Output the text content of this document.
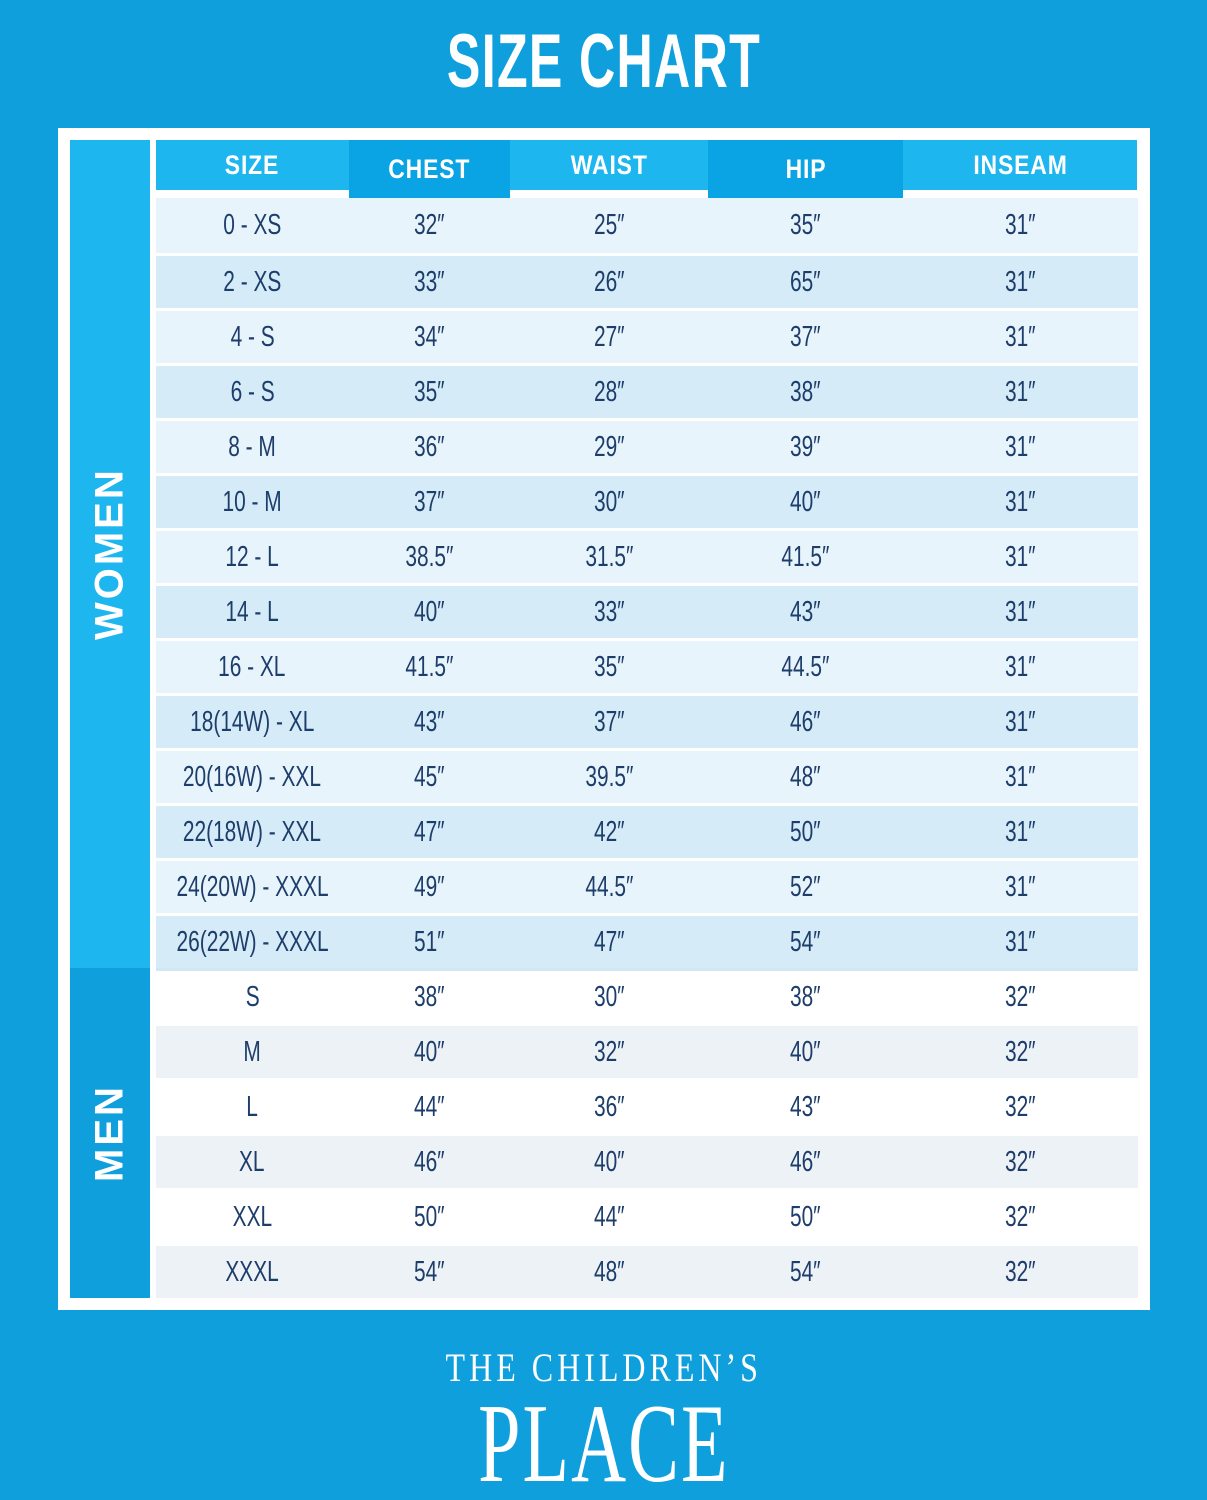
SIZE CHART
WOMEN
MEN
SIZE	CHEST	WAIST	HIP	INSEAM
0 - XS	32″	25″	35″	31″
2 - XS	33″	26″	65″	31″
4 - S	34″	27″	37″	31″
6 - S	35″	28″	38″	31″
8 - M	36″	29″	39″	31″
10 - M	37″	30″	40″	31″
12 - L	38.5″	31.5″	41.5″	31″
14 - L	40″	33″	43″	31″
16 - XL	41.5″	35″	44.5″	31″
18(14W) - XL	43″	37″	46″	31″
20(16W) - XXL	45″	39.5″	48″	31″
22(18W) - XXL	47″	42″	50″	31″
24(20W) - XXXL	49″	44.5″	52″	31″
26(22W) - XXXL	51″	47″	54″	31″
S	38″	30″	38″	32″
M	40″	32″	40″	32″
L	44″	36″	43″	32″
XL	46″	40″	46″	32″
XXL	50″	44″	50″	32″
XXXL	54″	48″	54″	32″
THE CHILDREN’S
PLACE
